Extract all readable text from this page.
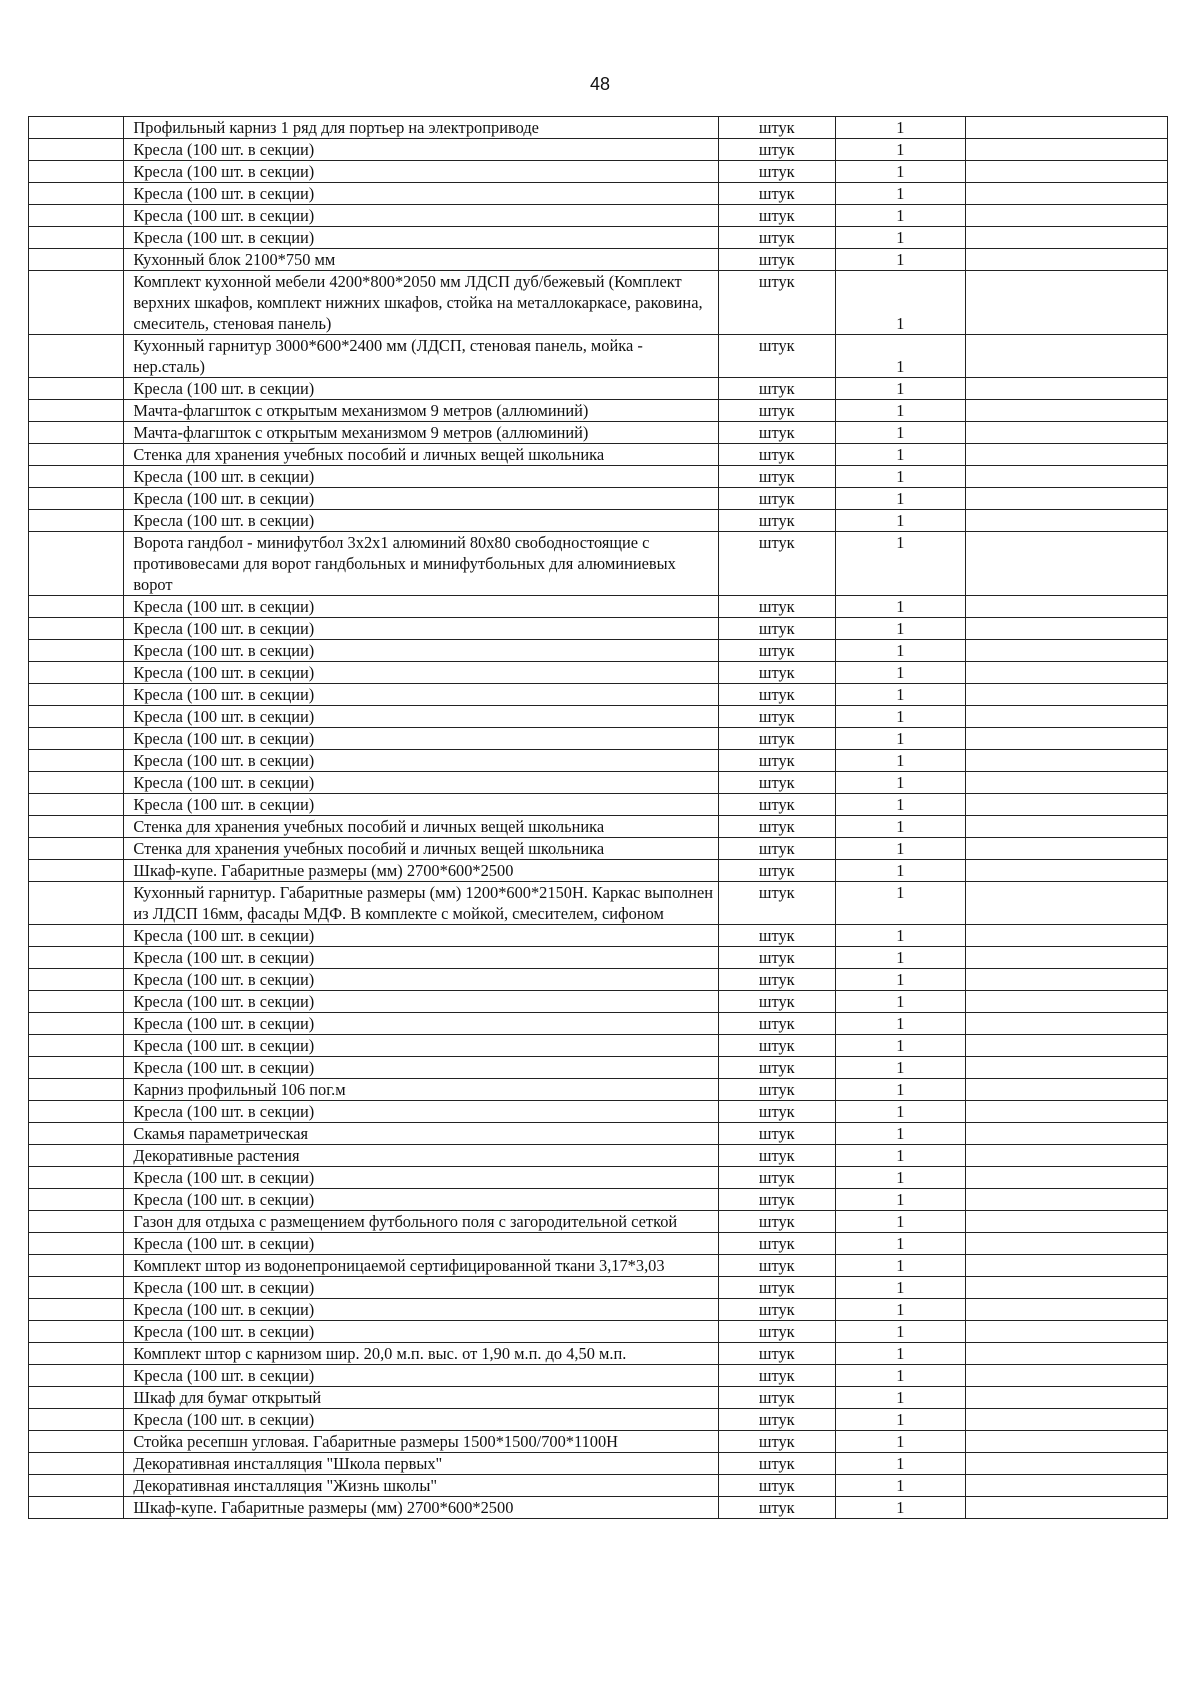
48
	Профильный карниз 1 ряд для портьер на электроприводе	штук	1	
	Кресла (100 шт. в секции)	штук	1	
	Кресла (100 шт. в секции)	штук	1	
	Кресла (100 шт. в секции)	штук	1	
	Кресла (100 шт. в секции)	штук	1	
	Кресла (100 шт. в секции)	штук	1	
	Кухонный блок 2100*750 мм	штук	1	
	Комплект кухонной мебели 4200*800*2050 мм ЛДСП дуб/бежевый (Комплект верхних шкафов, комплект нижних шкафов, стойка на металлокаркасе, раковина, смеситель, стеновая панель)	штук	1	
	Кухонный гарнитур 3000*600*2400 мм (ЛДСП, стеновая панель, мойка - нер.сталь)	штук	1	
	Кресла (100 шт. в секции)	штук	1	
	Мачта-флагшток с открытым механизмом 9 метров (аллюминий)	штук	1	
	Мачта-флагшток с открытым механизмом 9 метров (аллюминий)	штук	1	
	Стенка для хранения учебных пособий и личных вещей школьника	штук	1	
	Кресла (100 шт. в секции)	штук	1	
	Кресла (100 шт. в секции)	штук	1	
	Кресла (100 шт. в секции)	штук	1	
	Ворота гандбол - минифутбол 3х2х1 алюминий 80х80 свободностоящие с противовесами для ворот гандбольных и минифутбольных для алюминиевых ворот	штук	1	
	Кресла (100 шт. в секции)	штук	1	
	Кресла (100 шт. в секции)	штук	1	
	Кресла (100 шт. в секции)	штук	1	
	Кресла (100 шт. в секции)	штук	1	
	Кресла (100 шт. в секции)	штук	1	
	Кресла (100 шт. в секции)	штук	1	
	Кресла (100 шт. в секции)	штук	1	
	Кресла (100 шт. в секции)	штук	1	
	Кресла (100 шт. в секции)	штук	1	
	Кресла (100 шт. в секции)	штук	1	
	Стенка для хранения учебных пособий и личных вещей школьника	штук	1	
	Стенка для хранения учебных пособий и личных вещей школьника	штук	1	
	Шкаф-купе. Габаритные размеры (мм) 2700*600*2500	штук	1	
	Кухонный гарнитур. Габаритные размеры (мм) 1200*600*2150Н. Каркас выполнен из ЛДСП 16мм, фасады МДФ. В комплекте с мойкой, смесителем, сифоном	штук	1	
	Кресла (100 шт. в секции)	штук	1	
	Кресла (100 шт. в секции)	штук	1	
	Кресла (100 шт. в секции)	штук	1	
	Кресла (100 шт. в секции)	штук	1	
	Кресла (100 шт. в секции)	штук	1	
	Кресла (100 шт. в секции)	штук	1	
	Кресла (100 шт. в секции)	штук	1	
	Карниз профильный 106 пог.м	штук	1	
	Кресла (100 шт. в секции)	штук	1	
	Скамья параметрическая	штук	1	
	Декоративные растения	штук	1	
	Кресла (100 шт. в секции)	штук	1	
	Кресла (100 шт. в секции)	штук	1	
	Газон для отдыха с размещением футбольного поля с загородительной сеткой	штук	1	
	Кресла (100 шт. в секции)	штук	1	
	Комплект штор из водонепроницаемой сертифицированной ткани 3,17*3,03	штук	1	
	Кресла (100 шт. в секции)	штук	1	
	Кресла (100 шт. в секции)	штук	1	
	Кресла (100 шт. в секции)	штук	1	
	Комплект штор с карнизом шир. 20,0 м.п. выс. от 1,90 м.п. до 4,50 м.п.	штук	1	
	Кресла (100 шт. в секции)	штук	1	
	Шкаф для бумаг открытый	штук	1	
	Кресла (100 шт. в секции)	штук	1	
	Стойка ресепшн угловая. Габаритные размеры 1500*1500/700*1100Н	штук	1	
	Декоративная инсталляция "Школа первых"	штук	1	
	Декоративная инсталляция "Жизнь школы"	штук	1	
	Шкаф-купе. Габаритные размеры (мм) 2700*600*2500	штук	1	
